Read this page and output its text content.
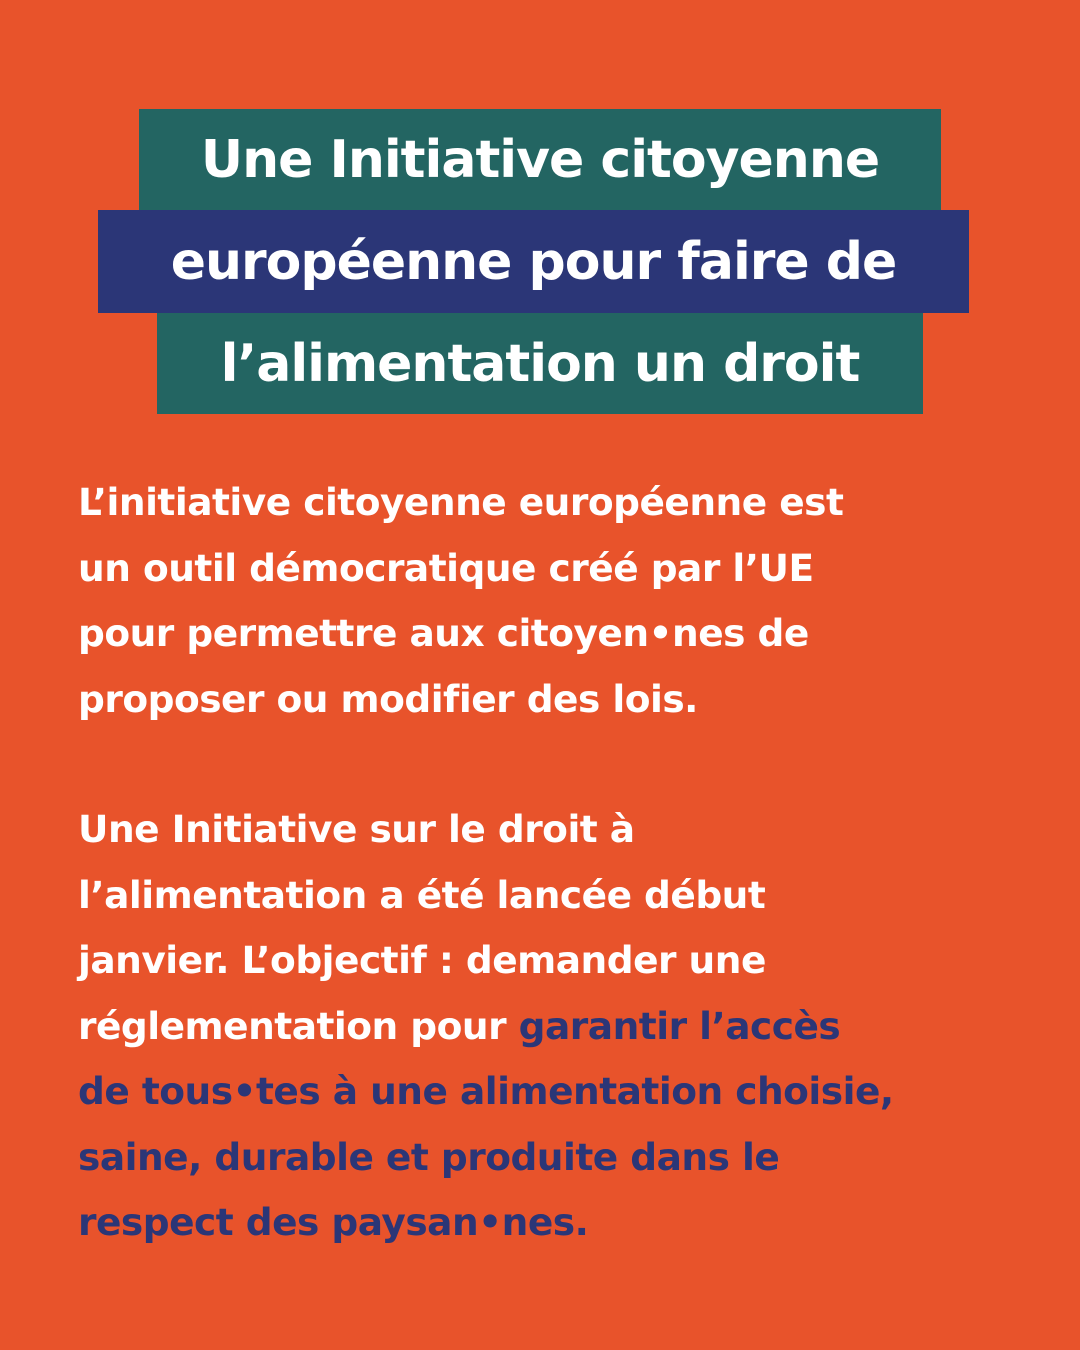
Une Initiative citoyenne
européenne pour faire de
l’alimentation un droit
L’initiative citoyenne européenne est
un outil démocratique créé par l’UE
pour permettre aux citoyen•nes de
proposer ou modifier des lois.
Une Initiative sur le droit à
l’alimentation a été lancée début
janvier. L’objectif : demander une
réglementation pour garantir l’accès
de tous•tes à une alimentation choisie,
saine, durable et produite dans le
respect des paysan•nes.
